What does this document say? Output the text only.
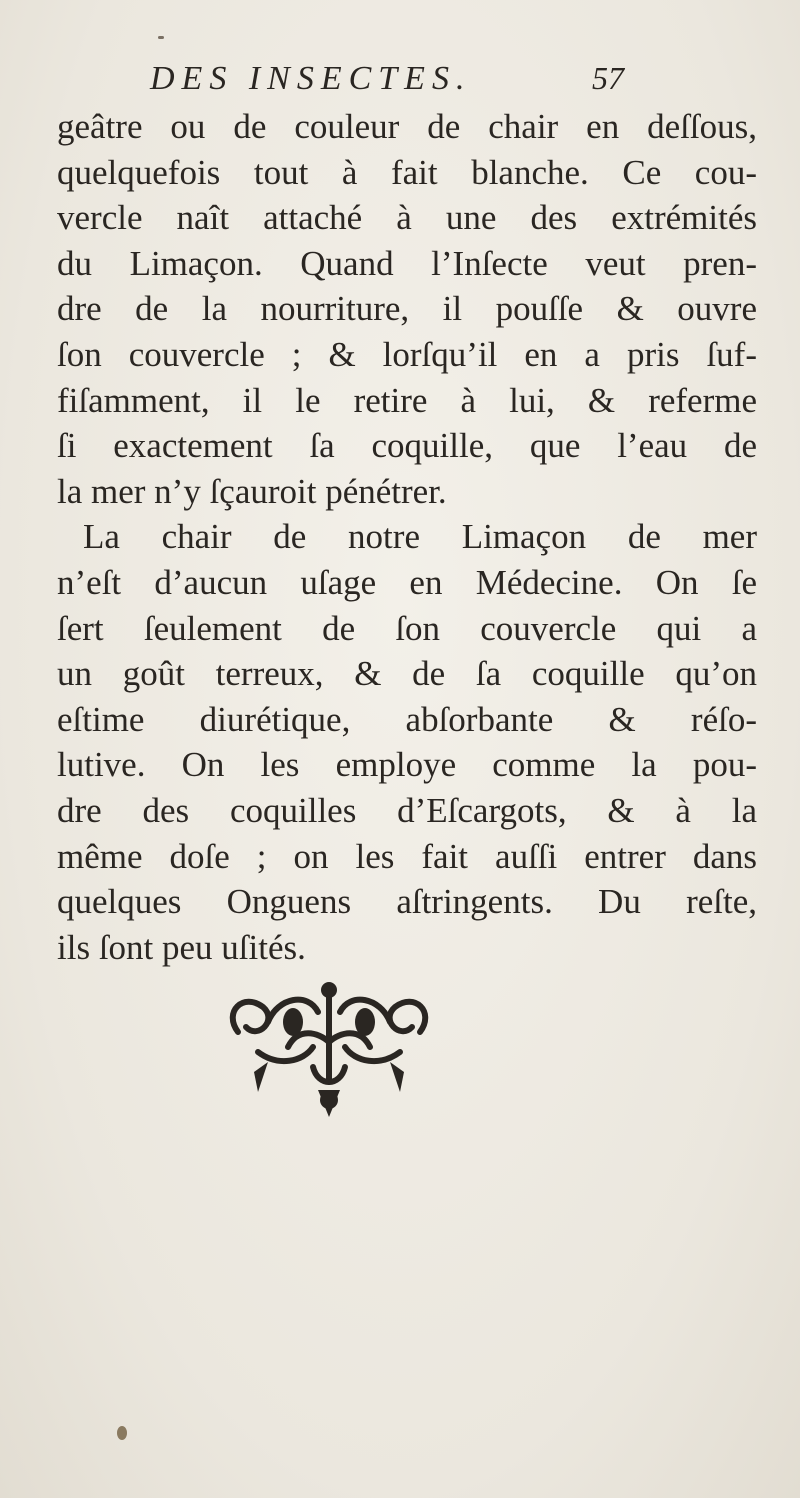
DES INSECTES.	57
geâtre ou de couleur de chair en deſſous,
quelquefois tout à fait blanche. Ce cou-
vercle naît attaché à une des extrémités
du Limaçon. Quand l’Inſecte veut pren-
dre de la nourriture, il pouſſe & ouvre
ſon couvercle ; & lorſqu’il en a pris ſuf-
fiſamment, il le retire à lui, & referme
ſi exactement ſa coquille, que l’eau de
la mer n’y ſçauroit pénétrer.
La chair de notre Limaçon de mer
n’eſt d’aucun uſage en Médecine. On ſe
ſert ſeulement de ſon couvercle qui a
un goût terreux, & de ſa coquille qu’on
eſtime diurétique, abſorbante & réſo-
lutive. On les employe comme la pou-
dre des coquilles d’Eſcargots, & à la
même doſe ; on les fait auſſi entrer dans
quelques Onguens aſtringents. Du reſte,
ils ſont peu uſités.
